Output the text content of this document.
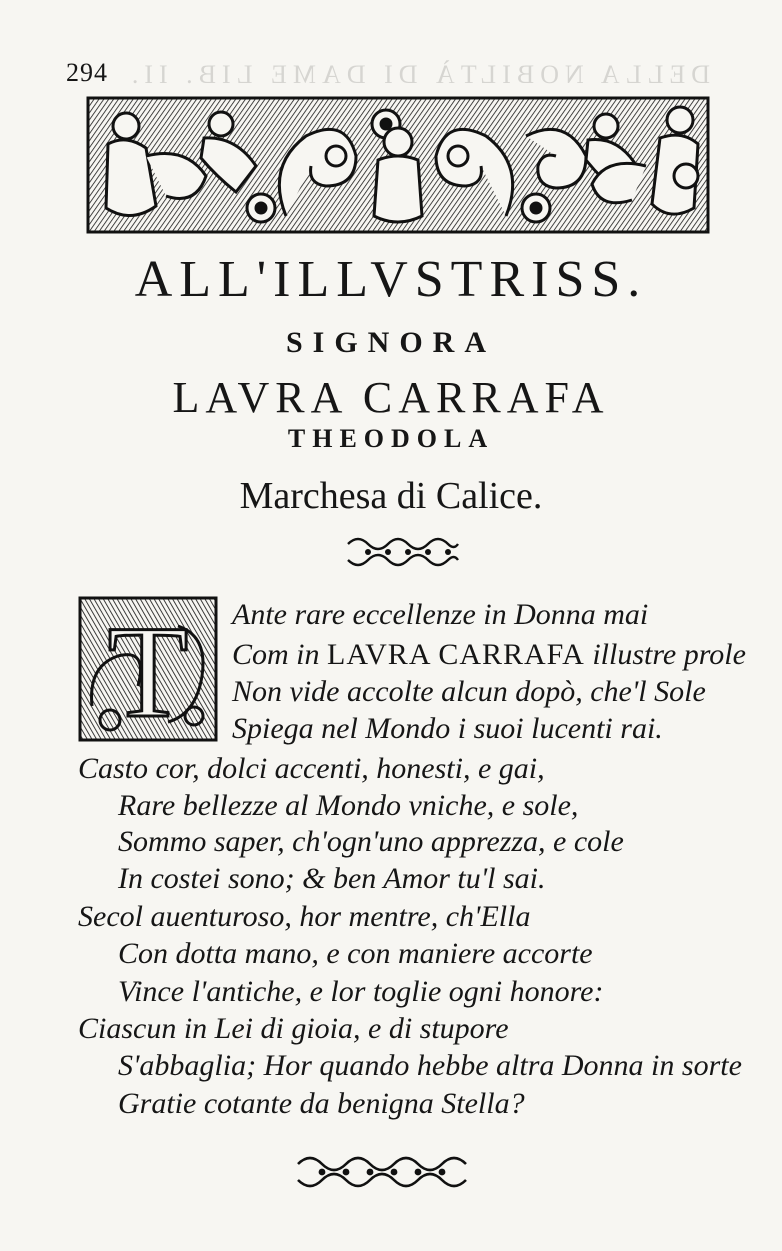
294 DELLA NOBILTÀ DI DAME LIB. II.
ALL'ILLVSTRISS.
SIGNORA
LAVRA CARRAFA
THEODOLA
Marchesa di Calice.
T Ante rare eccellenze in Donna mai
Com in LAVRA CARRAFA illustre prole
Non vide accolte alcun dopò, che'l Sole
Spiega nel Mondo i suoi lucenti rai.
Casto cor, dolci accenti, honesti, e gai,
Rare bellezze al Mondo vniche, e sole,
Sommo saper, ch'ogn'uno apprezza, e cole
In costei sono; & ben Amor tu'l sai.
Secol auenturoso, hor mentre, ch'Ella
Con dotta mano, e con maniere accorte
Vince l'antiche, e lor toglie ogni honore:
Ciascun in Lei di gioia, e di stupore
S'abbaglia; Hor quando hebbe altra Donna in sorte
Gratie cotante da benigna Stella?
